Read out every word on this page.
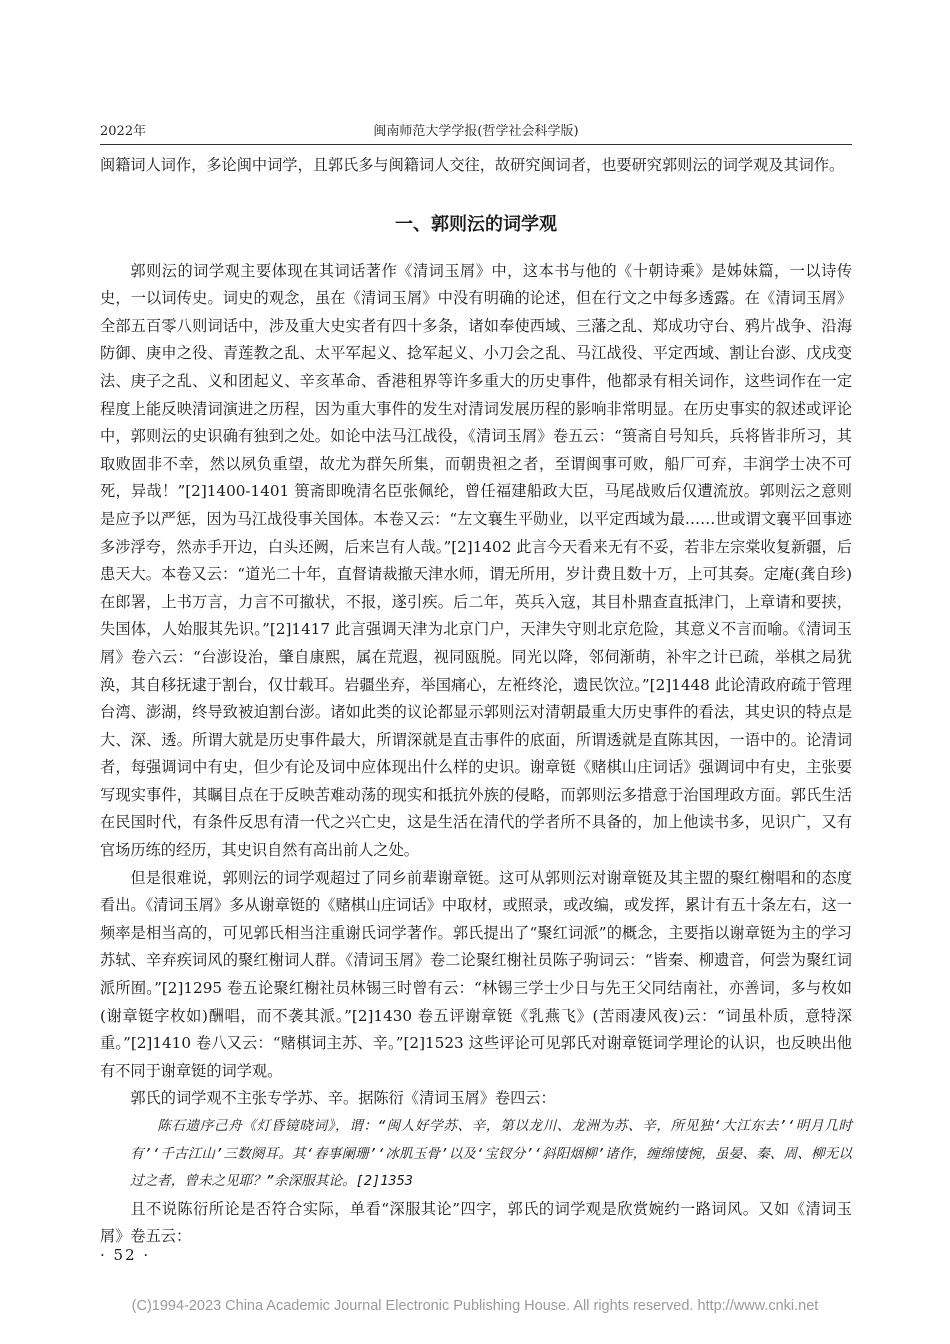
2022年	闽南师范大学学报(哲学社会科学版)

闽籍词人词作，多论闽中词学，且郭氏多与闽籍词人交往，故研究闽词者，也要研究郭则沄的词学观及其词作。

一、郭则沄的词学观

郭则沄的词学观主要体现在其词话著作《清词玉屑》中，这本书与他的《十朝诗乘》是姊妹篇，一以诗传史，一以词传史。词史的观念，虽在《清词玉屑》中没有明确的论述，但在行文之中每多透露。在《清词玉屑》全部五百零八则词话中，涉及重大史实者有四十多条，诸如奉使西域、三藩之乱、郑成功守台、鸦片战争、沿海防御、庚申之役、青莲教之乱、太平军起义、捻军起义、小刀会之乱、马江战役、平定西域、割让台澎、戊戌变法、庚子之乱、义和团起义、辛亥革命、香港租界等许多重大的历史事件，他都录有相关词作，这些词作在一定程度上能反映清词演进之历程，因为重大事件的发生对清词发展历程的影响非常明显。在历史事实的叙述或评论中，郭则沄的史识确有独到之处。如论中法马江战役，《清词玉屑》卷五云：“篑斋自号知兵，兵将皆非所习，其取败固非不幸，然以夙负重望，故尤为群矢所集，而朝贵袒之者，至谓闽事可败，船厂可弃，丰润学士决不可死，异哉！”[2]1400-1401 篑斋即晚清名臣张佩纶，曾任福建船政大臣，马尾战败后仅遭流放。郭则沄之意则是应予以严惩，因为马江战役事关国体。本卷又云：“左文襄生平勋业，以平定西域为最……世或谓文襄平回事迹多涉浮夸，然赤手开边，白头还阙，后来岂有人哉。”[2]1402 此言今天看来无有不妥，若非左宗棠收复新疆，后患天大。本卷又云：“道光二十年，直督请裁撤天津水师，谓无所用，岁计费且数十万，上可其奏。定庵(龚自珍)在郎署，上书万言，力言不可撤状，不报，遂引疾。后二年，英兵入寇，其目朴鼎查直抵津门，上章请和要挟，失国体，人始服其先识。”[2]1417 此言强调天津为北京门户，天津失守则北京危险，其意义不言而喻。《清词玉屑》卷六云：“台澎设治，肇自康熙，属在荒遐，视同瓯脱。同光以降，邻伺渐萌，补牢之计已疏，举棋之局犹涣，其自移抚逮于割台，仅廿载耳。岩疆坐弃，举国痛心，左袵终沦，遗民饮泣。”[2]1448 此论清政府疏于管理台湾、澎湖，终导致被迫割台澎。诸如此类的议论都显示郭则沄对清朝最重大历史事件的看法，其史识的特点是大、深、透。所谓大就是历史事件最大，所谓深就是直击事件的底面，所谓透就是直陈其因，一语中的。论清词者，每强调词中有史，但少有论及词中应体现出什么样的史识。谢章铤《赌棋山庄词话》强调词中有史，主张要写现实事件，其瞩目点在于反映苦难动荡的现实和抵抗外族的侵略，而郭则沄多措意于治国理政方面。郭氏生活在民国时代，有条件反思有清一代之兴亡史，这是生活在清代的学者所不具备的，加上他读书多，见识广，又有官场历练的经历，其史识自然有高出前人之处。

但是很难说，郭则沄的词学观超过了同乡前辈谢章铤。这可从郭则沄对谢章铤及其主盟的聚红榭唱和的态度看出。《清词玉屑》多从谢章铤的《赌棋山庄词话》中取材，或照录，或改编，或发挥，累计有五十条左右，这一频率是相当高的，可见郭氏相当注重谢氏词学著作。郭氏提出了“聚红词派”的概念，主要指以谢章铤为主的学习苏轼、辛弃疾词风的聚红榭词人群。《清词玉屑》卷二论聚红榭社员陈子驹词云：“皆秦、柳遗音，何尝为聚红词派所囿。”[2]1295 卷五论聚红榭社员林锡三时曾有云：“林锡三学士少日与先王父同结南社，亦善词，多与枚如(谢章铤字枚如)酬唱，而不袭其派。”[2]1430 卷五评谢章铤《乳燕飞》(苦雨凄风夜)云：“词虽朴质，意特深重。”[2]1410 卷八又云：“赌棋词主苏、辛。”[2]1523 这些评论可见郭氏对谢章铤词学理论的认识，也反映出他有不同于谢章铤的词学观。

郭氏的词学观不主张专学苏、辛。据陈衍《清词玉屑》卷四云：

陈石遗序己舟《灯昏镜晓词》，谓：“闽人好学苏、辛，第以龙川、龙洲为苏、辛，所见独‘大江东去’‘明月几时有’‘千古江山’三数阕耳。其‘春事阑珊’‘冰肌玉骨’以及‘宝钗分’‘斜阳烟柳’诸作，缠绵悽惋，虽晏、秦、周、柳无以过之者，曾未之见耶？”余深服其论。[2]1353

且不说陈衍所论是否符合实际，单看“深服其论”四字，郭氏的词学观是欣赏婉约一路词风。又如《清词玉屑》卷五云：

· 52 ·
(C)1994-2023 China Academic Journal Electronic Publishing House. All rights reserved. http://www.cnki.net
